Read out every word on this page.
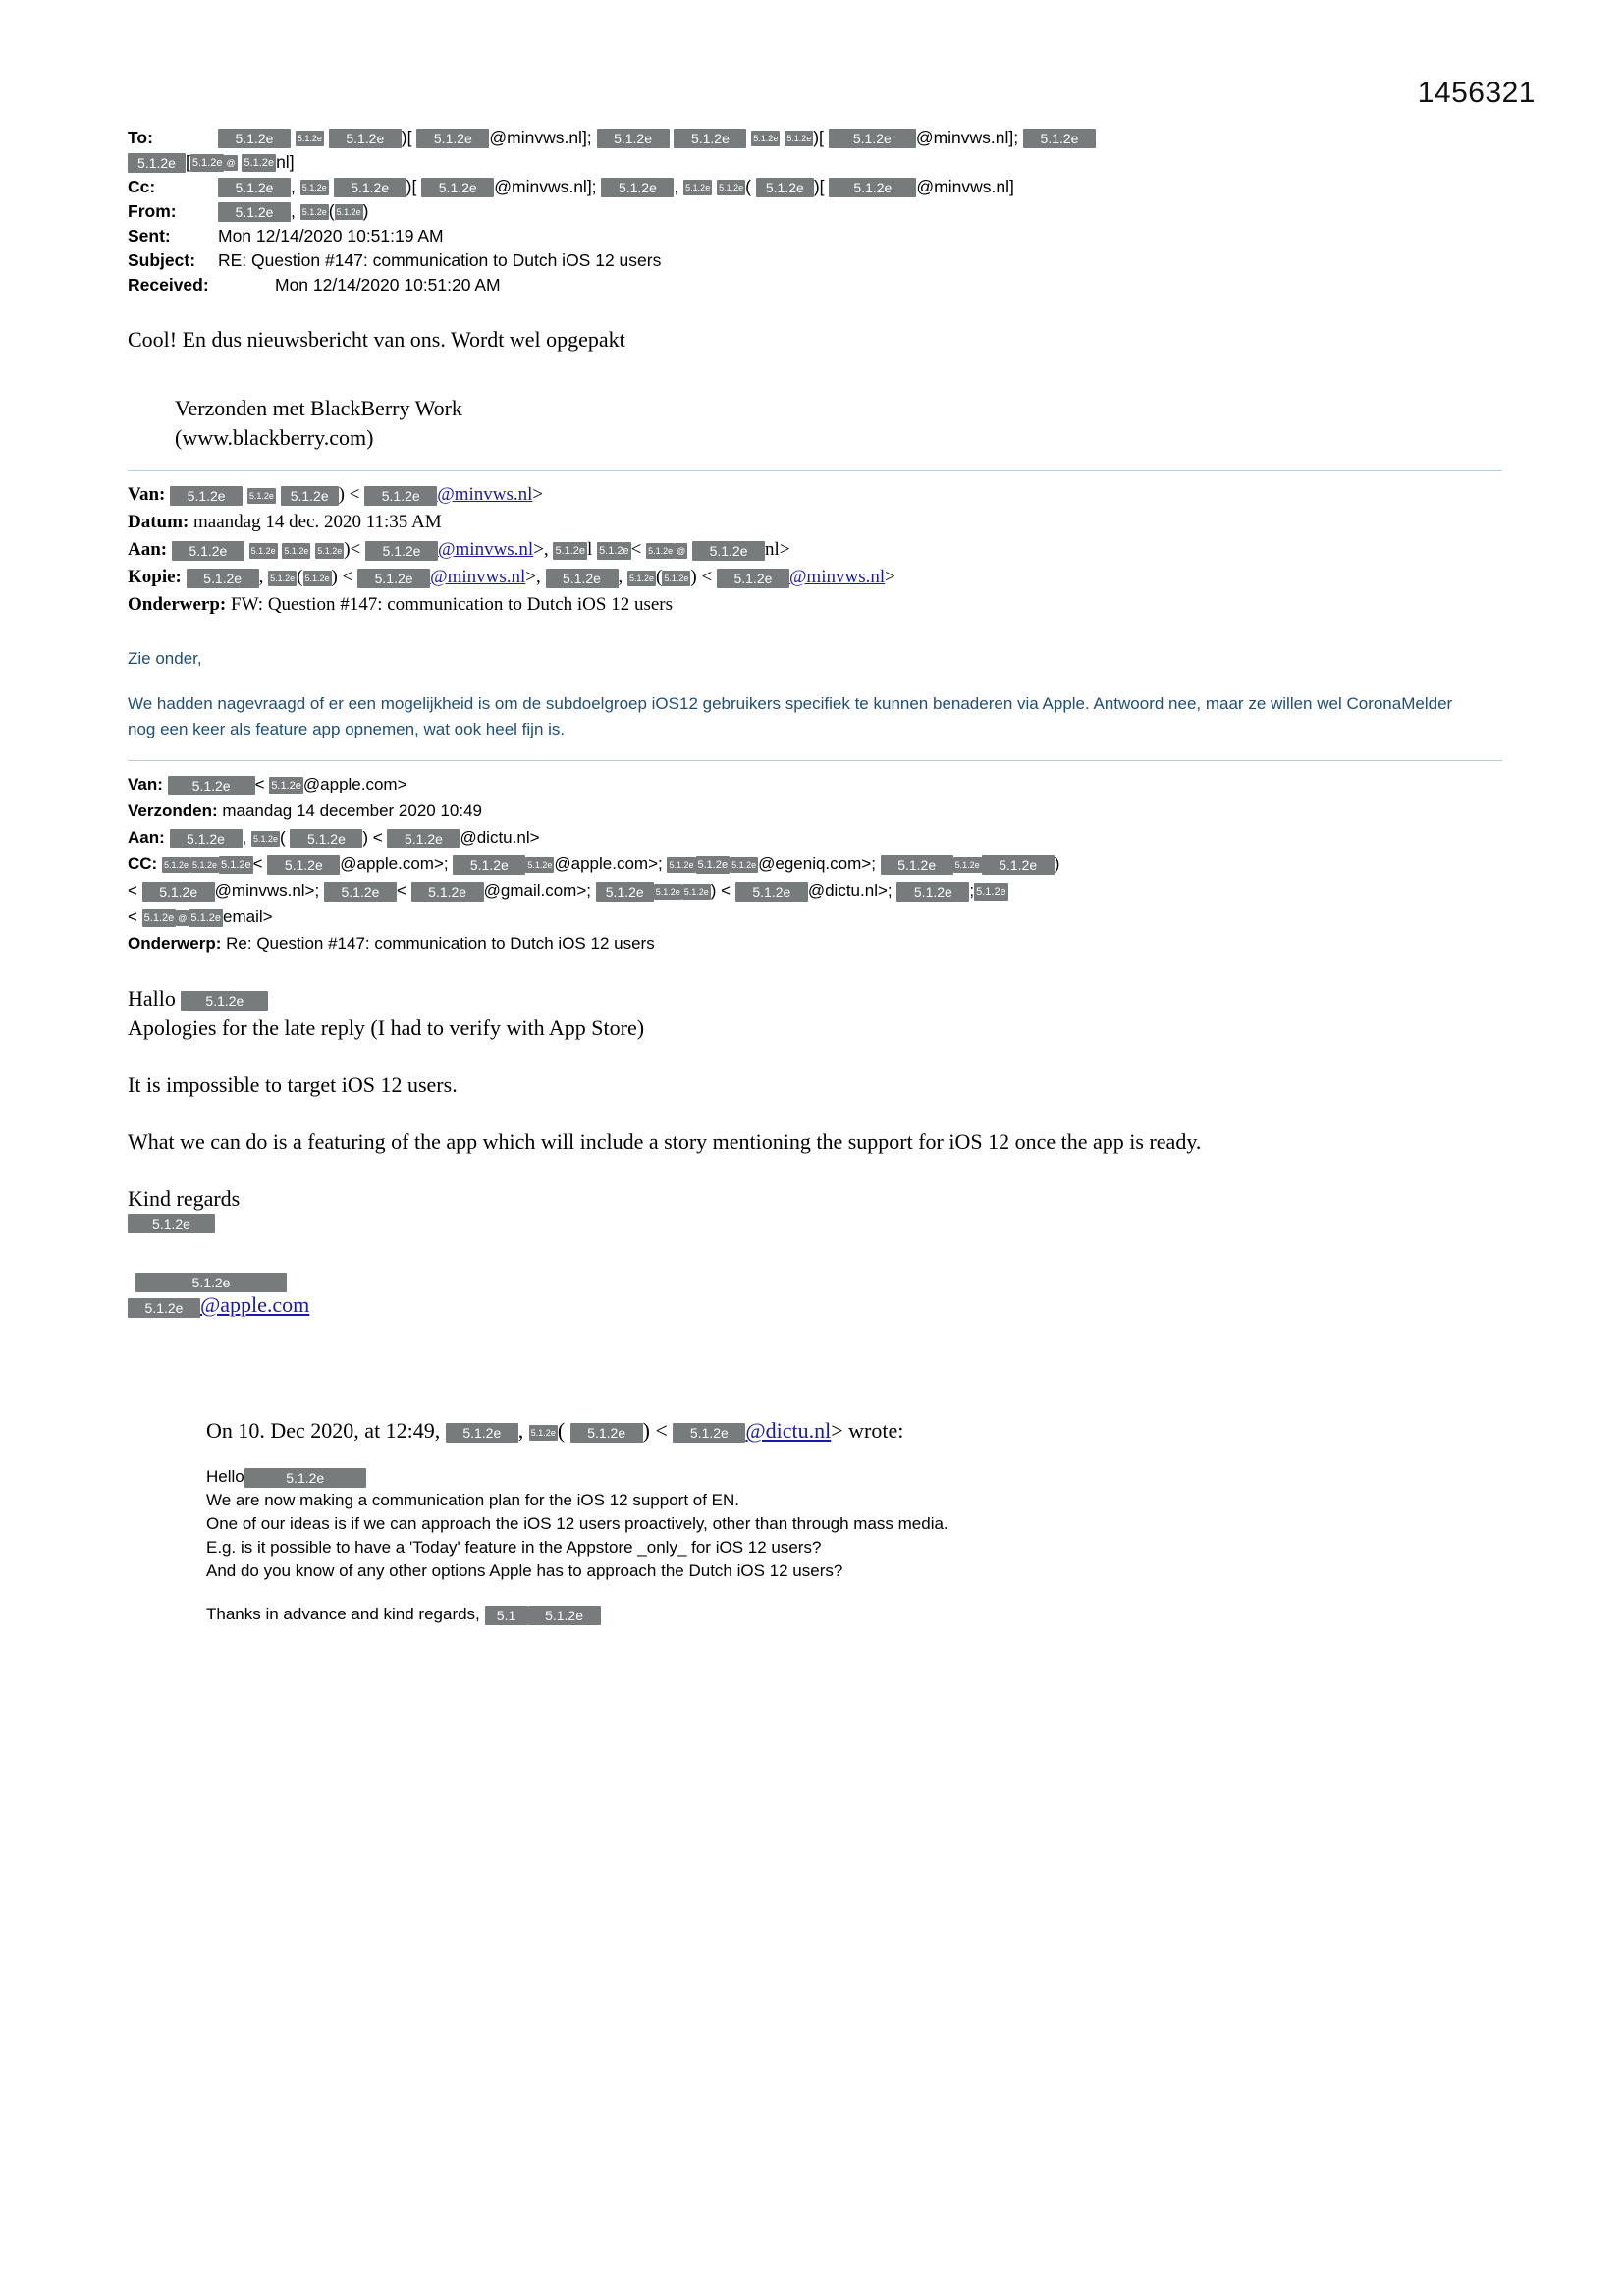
1456321
To:	5.1.2e	5.1.2e 5.1.2e )[ 5.1.2e @minvws.nl]; 5.1.2e	5.1.2e	5.1.2e 5.1.2e )[ 5.1.2e @minvws.nl]; 5.1.2e

5.1.2e [ 5.1.2e @ 5.1.2e nl]
Cc:	5.1.2e , 5.1.2e 5.1.2e )[ 5.1.2e @minvws.nl]; 5.1.2e , 5.1.2e 5.1.2e ( 5.1.2e )[ 5.1.2e @minvws.nl]
From:	5.1.2e , 5.1.2e ( 5.1.2e )
Sent:	Mon 12/14/2020 10:51:19 AM
Subject:	RE: Question #147: communication to Dutch iOS 12 users
Received:	Mon 12/14/2020 10:51:20 AM
Cool! En dus nieuwsbericht van ons. Wordt wel opgepakt
Verzonden met BlackBerry Work
(www.blackberry.com)
Van: 5.1.2e	5.1.2e 5.1.2e ) < 5.1.2e @minvws.nl>
Datum: maandag 14 dec. 2020 11:35 AM
Aan: 5.1.2e	5.1.2e 5.1.2e 5.1.2e )< 5.1.2e @minvws.nl>, 5.1.2e l 5.1.2e < 5.1.2e @ 5.1.2e nl>
Kopie: 5.1.2e , 5.1.2e ( 5.1.2e ) < 5.1.2e @minvws.nl>, 5.1.2e , 5.1.2e ( 5.1.2e ) < 5.1.2e @minvws.nl>
Onderwerp: FW: Question #147: communication to Dutch iOS 12 users
Zie onder,
We hadden nagevraagd of er een mogelijkheid is om de subdoelgroep iOS12 gebruikers specifiek te kunnen benaderen via Apple. Antwoord nee, maar ze willen wel CoronaMelder nog een keer als feature app opnemen, wat ook heel fijn is.
Van: 5.1.2e < 5.1.2e @apple.com>
Verzonden: maandag 14 december 2020 10:49
Aan: 5.1.2e , 5.1.2e ( 5.1.2e ) < 5.1.2e @dictu.nl>
CC: 5.1.2e 5.1.2e 5.1.2e < 5.1.2e @apple.com>; 5.1.2e 5.1.2e @apple.com>; 5.1.2e 5.1.2e 5.1.2e @egeniq.com>; 5.1.2e 5.1.2e 5.1.2e )
< 5.1.2e @minvws.nl>; 5.1.2e < 5.1.2e @gmail.com>; 5.1.2e 5.1.2e 5.1.2e ) < 5.1.2e @dictu.nl>; 5.1.2e ; 5.1.2e
< 5.1.2e @ 5.1.2e email>
Onderwerp: Re: Question #147: communication to Dutch iOS 12 users
Hallo 5.1.2e
Apologies for the late reply (I had to verify with App Store)
It is impossible to target iOS 12 users.
What we can do is a featuring of the app which will include a story mentioning the support for iOS 12 once the app is ready.
Kind regards
5.1.2e
5.1.2e
5.1.2e @apple.com
On 10. Dec 2020, at 12:49, 5.1.2e , 5.1.2e( 5.1.2e ) < 5.1.2e @dictu.nl> wrote:
Hello	5.1.2e
We are now making a communication plan for the iOS 12 support of EN.
One of our ideas is if we can approach the iOS 12 users proactively, other than through mass media.
E.g. is it possible to have a 'Today' feature in the Appstore _only_ for iOS 12 users?
And do you know of any other options Apple has to approach the Dutch iOS 12 users?
Thanks in advance and kind regards, 5.1 5.1.2e
